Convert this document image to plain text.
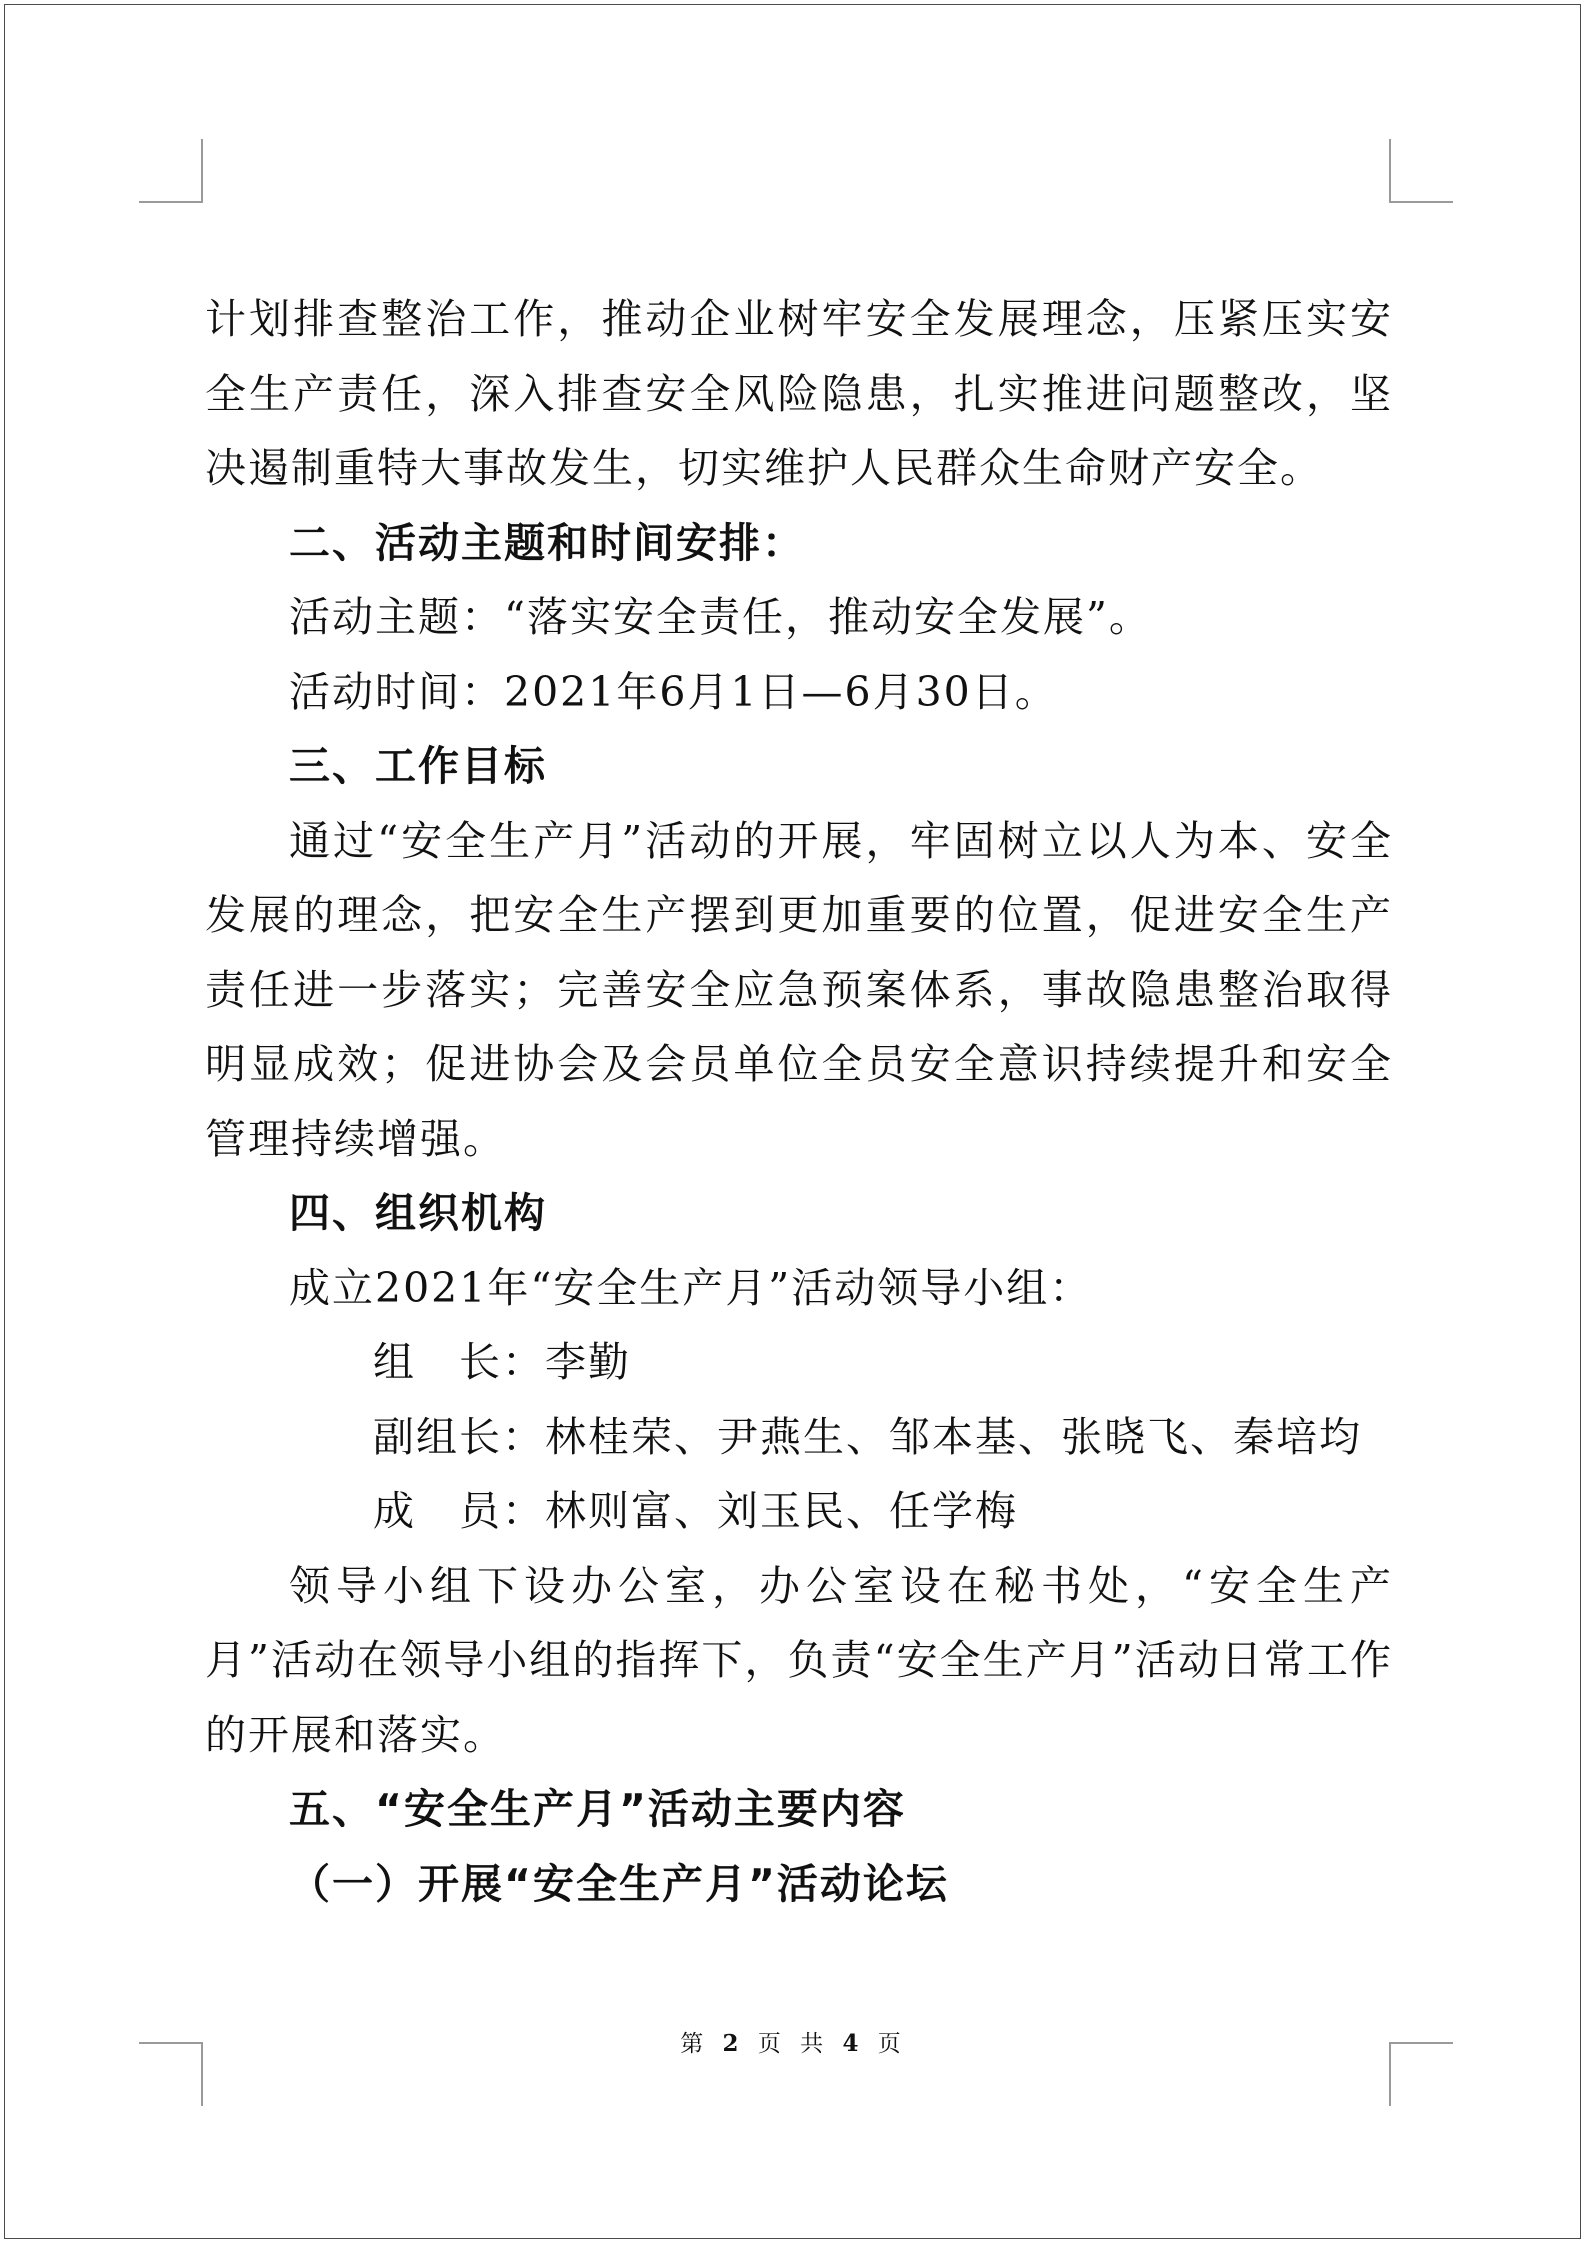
计划排查整治工作，推动企业树牢安全发展理念，压紧压实安全生产责任，深入排查安全风险隐患，扎实推进问题整改，坚决遏制重特大事故发生，切实维护人民群众生命财产安全。

二、活动主题和时间安排：

活动主题：“落实安全责任，推动安全发展”。

活动时间：2021年6月1日—6月30日。

三、工作目标

通过“安全生产月”活动的开展，牢固树立以人为本、安全发展的理念，把安全生产摆到更加重要的位置，促进安全生产责任进一步落实；完善安全应急预案体系，事故隐患整治取得明显成效；促进协会及会员单位全员安全意识持续提升和安全管理持续增强。

四、组织机构

成立2021年“安全生产月”活动领导小组：

组　长：李勤

副组长：林桂荣、尹燕生、邹本基、张晓飞、秦培均

成　员：林则富、刘玉民、任学梅

领导小组下设办公室，办公室设在秘书处，“安全生产月”活动在领导小组的指挥下，负责“安全生产月”活动日常工作的开展和落实。

五、“安全生产月”活动主要内容

（一）开展“安全生产月”活动论坛

第 2 页 共 4 页
